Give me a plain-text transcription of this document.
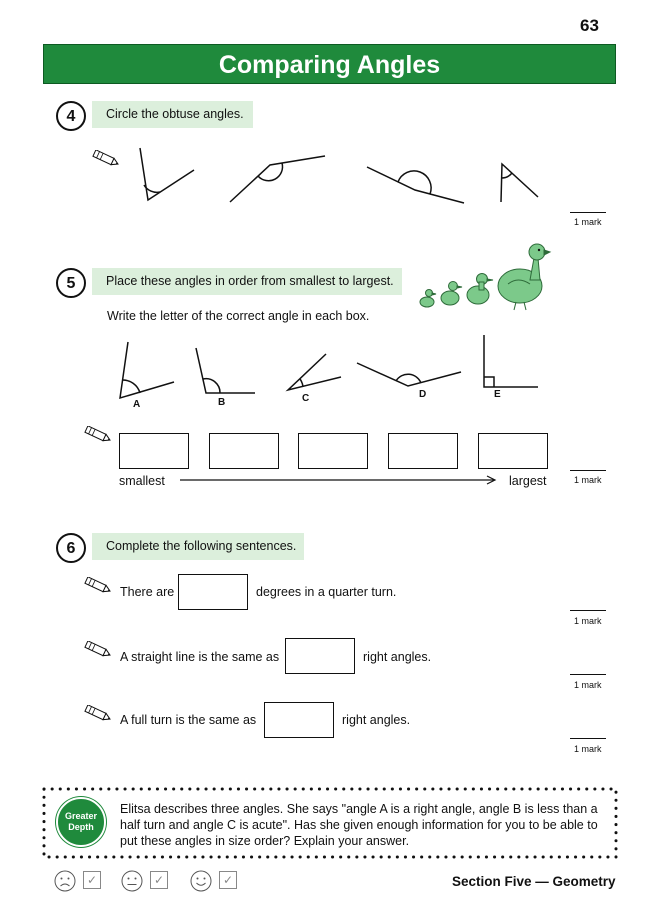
63
Comparing Angles
4	Circle the obtuse angles.
1 mark
5	Place these angles in order from smallest to largest.
Write the letter of the correct angle in each box.
A	B	C	D	E
smallest	largest	1 mark
6	Complete the following sentences.
There are	degrees in a quarter turn.
1 mark
A straight line is the same as	right angles.
1 mark
A full turn is the same as	right angles.
1 mark
Greater Depth
Elitsa describes three angles. She says "angle A is a right angle, angle B is less than a half turn and angle C is acute". Has she given enough information for you to be able to put these angles in size order? Explain your answer.
✓	✓	✓	Section Five — Geometry
